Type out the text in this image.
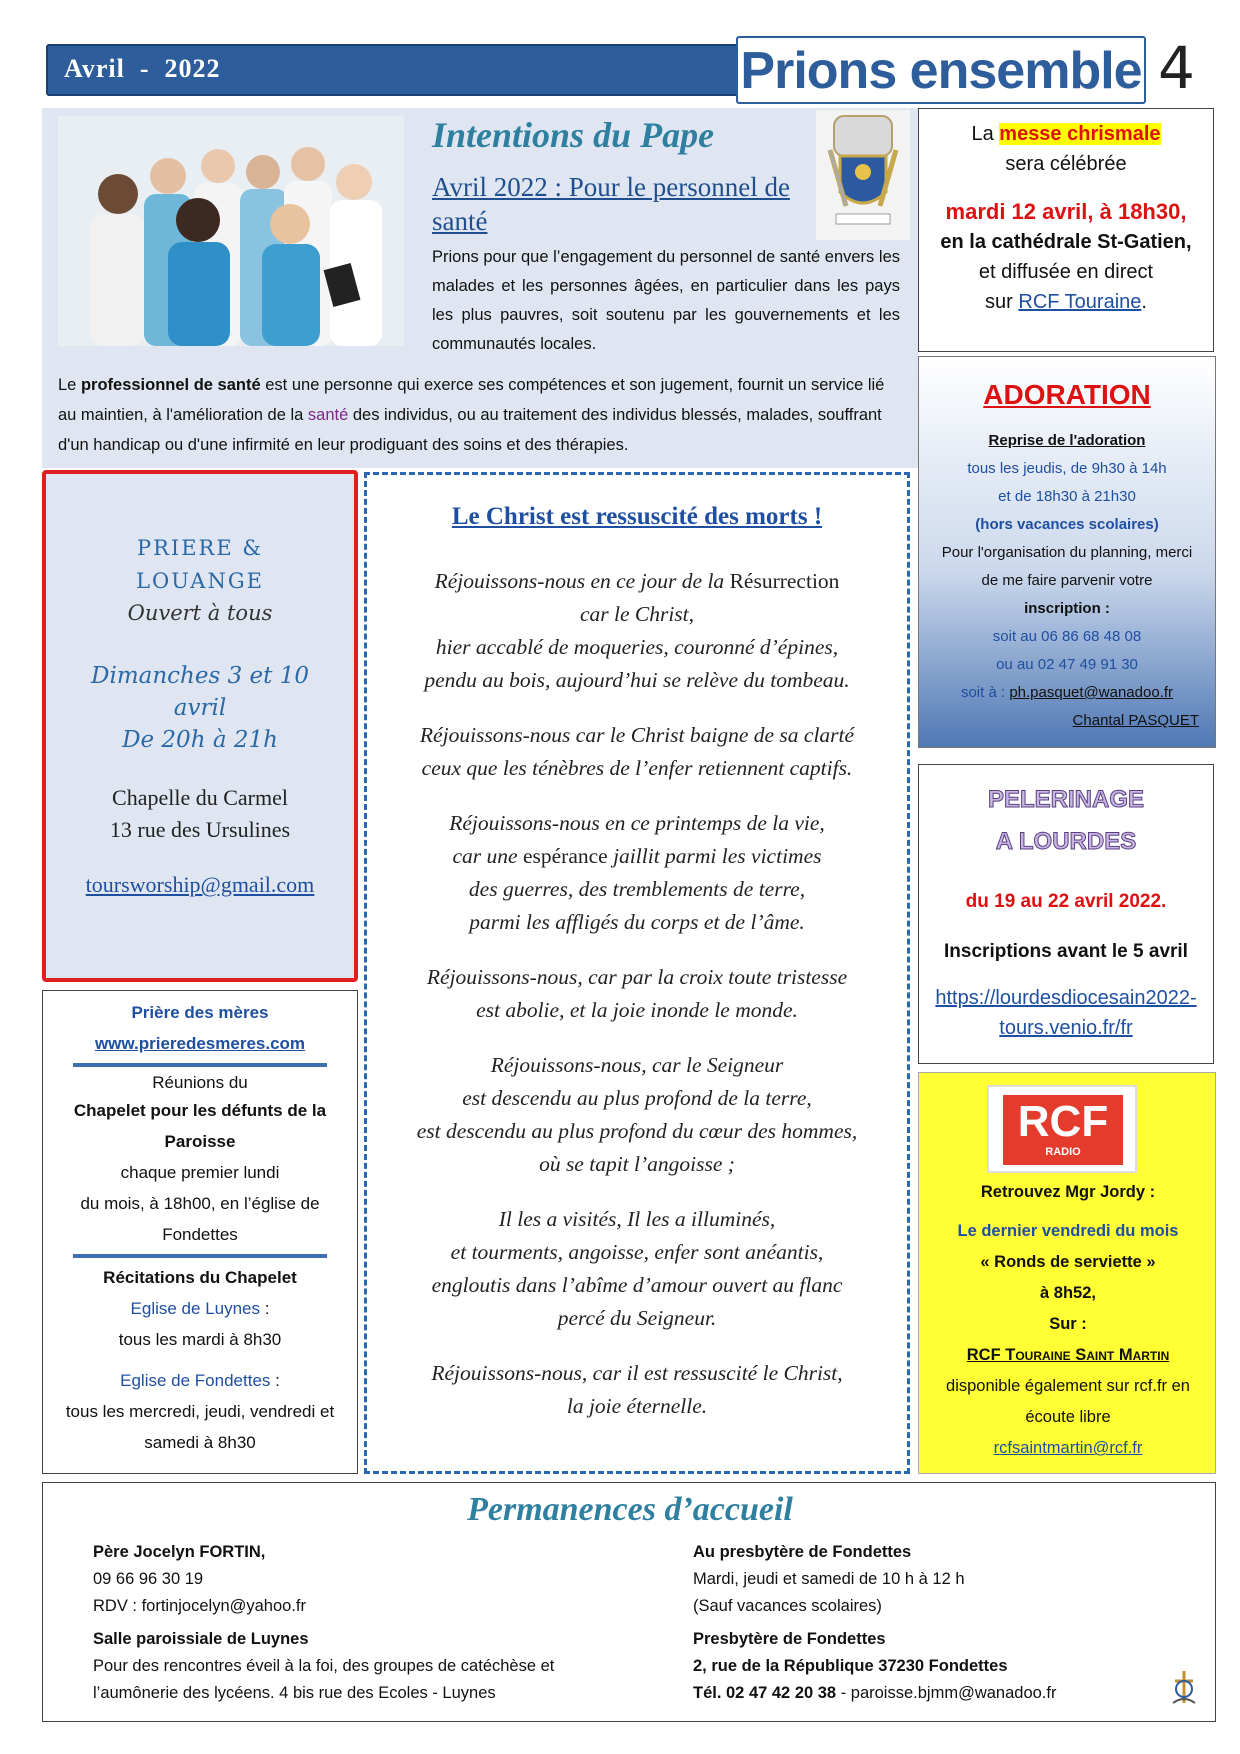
Avril  -  2022	Prions ensemble 4
Intentions du Pape
Avril 2022 : Pour le personnel de santé
Prions pour que l’engagement du personnel de santé envers les malades et les personnes âgées, en particulier dans les pays les plus pauvres, soit soutenu par les gouvernements et les communautés locales.
Le professionnel de santé est une personne qui exerce ses compétences et son jugement, fournit un service lié au maintien, à l'amélioration de la santé des individus, ou au traitement des individus blessés, malades, souffrant d'un handicap ou d'une infirmité en leur prodiguant des soins et des thérapies.
La messe chrismale
sera célébrée
mardi 12 avril, à 18h30,
en la cathédrale St-Gatien,
et diffusée en direct
sur RCF Touraine.
ADORATION
Reprise de l'adoration
tous les jeudis, de 9h30 à 14h
et de 18h30 à 21h30
(hors vacances scolaires)
Pour l'organisation du planning, merci
de me faire parvenir votre
inscription :
soit au 06 86 68 48 08
ou au 02 47 49 91 30
soit à : ph.pasquet@wanadoo.fr
Chantal PASQUET
PELERINAGE
A LOURDES
du 19 au 22 avril 2022.
Inscriptions avant le 5 avril
https://lourdesdiocesain2022-tours.venio.fr/fr
RCF
RADIO
Retrouvez Mgr Jordy :
Le dernier vendredi du mois
« Ronds de serviette »
à 8h52,
Sur :
RCF Touraine Saint Martin
disponible également sur rcf.fr en
écoute libre
rcfsaintmartin@rcf.fr
PRIERE &
LOUANGE
Ouvert à tous
Dimanches 3 et 10
avril
De 20h à 21h
Chapelle du Carmel
13 rue des Ursulines
toursworship@gmail.com
Prière des mères
www.prieredesmeres.com
Réunions du
Chapelet pour les défunts de la
Paroisse
chaque premier lundi
du mois, à 18h00, en l’église de
Fondettes
Récitations du Chapelet
Eglise de Luynes :
tous les mardi à 8h30
Eglise de Fondettes :
tous les mercredi, jeudi, vendredi et
samedi à 8h30
Le Christ est ressuscité des morts !
Réjouissons-nous en ce jour de la Résurrection
car le Christ,
hier accablé de moqueries, couronné d’épines,
pendu au bois, aujourd’hui se relève du tombeau.
Réjouissons-nous car le Christ baigne de sa clarté
ceux que les ténèbres de l’enfer retiennent captifs.
Réjouissons-nous en ce printemps de la vie,
car une espérance jaillit parmi les victimes
des guerres, des tremblements de terre,
parmi les affligés du corps et de l’âme.
Réjouissons-nous, car par la croix toute tristesse
est abolie, et la joie inonde le monde.
Réjouissons-nous, car le Seigneur
est descendu au plus profond de la terre,
est descendu au plus profond du cœur des hommes,
où se tapit l’angoisse ;
Il les a visités, Il les a illuminés,
et tourments, angoisse, enfer sont anéantis,
engloutis dans l’abîme d’amour ouvert au flanc
percé du Seigneur.
Réjouissons-nous, car il est ressuscité le Christ,
la joie éternelle.
Permanences d’accueil
Père Jocelyn FORTIN,
09 66 96 30 19
RDV : fortinjocelyn@yahoo.fr
Salle paroissiale de Luynes
Pour des rencontres éveil à la foi, des groupes de catéchèse et
l’aumônerie des lycéens. 4 bis rue des Ecoles - Luynes
Au presbytère de Fondettes
Mardi, jeudi et samedi de 10 h à 12 h
(Sauf vacances scolaires)
Presbytère de Fondettes
2, rue de la République 37230 Fondettes
Tél. 02 47 42 20 38 - paroisse.bjmm@wanadoo.fr
